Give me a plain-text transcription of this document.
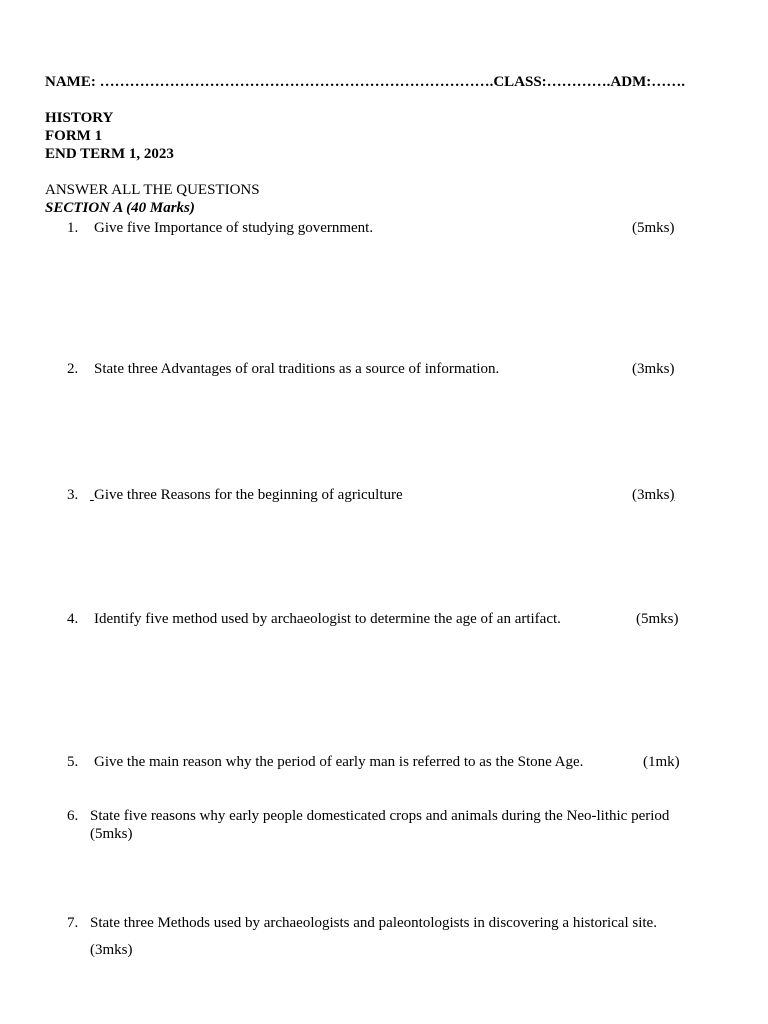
NAME: …………………………………………………………………….CLASS:………….ADM:…….
HISTORY
FORM 1
END TERM 1, 2023
ANSWER ALL THE QUESTIONS
SECTION A (40 Marks)
1. Give five Importance of studying government.	(5mks)
2. State three Advantages of oral traditions as a source of information.	(3mks)
3.
Give three Reasons for the beginning of agriculture	(3mks)
4. Identify five method used by archaeologist to determine the age of an artifact.	(5mks)
5. Give the main reason why the period of early man is referred to as the Stone Age.	(1mk)
6. State five reasons why early people domesticated crops and animals during the Neo-lithic period
(5mks)
7. State three Methods used by archaeologists and paleontologists in discovering a historical site.
(3mks)
